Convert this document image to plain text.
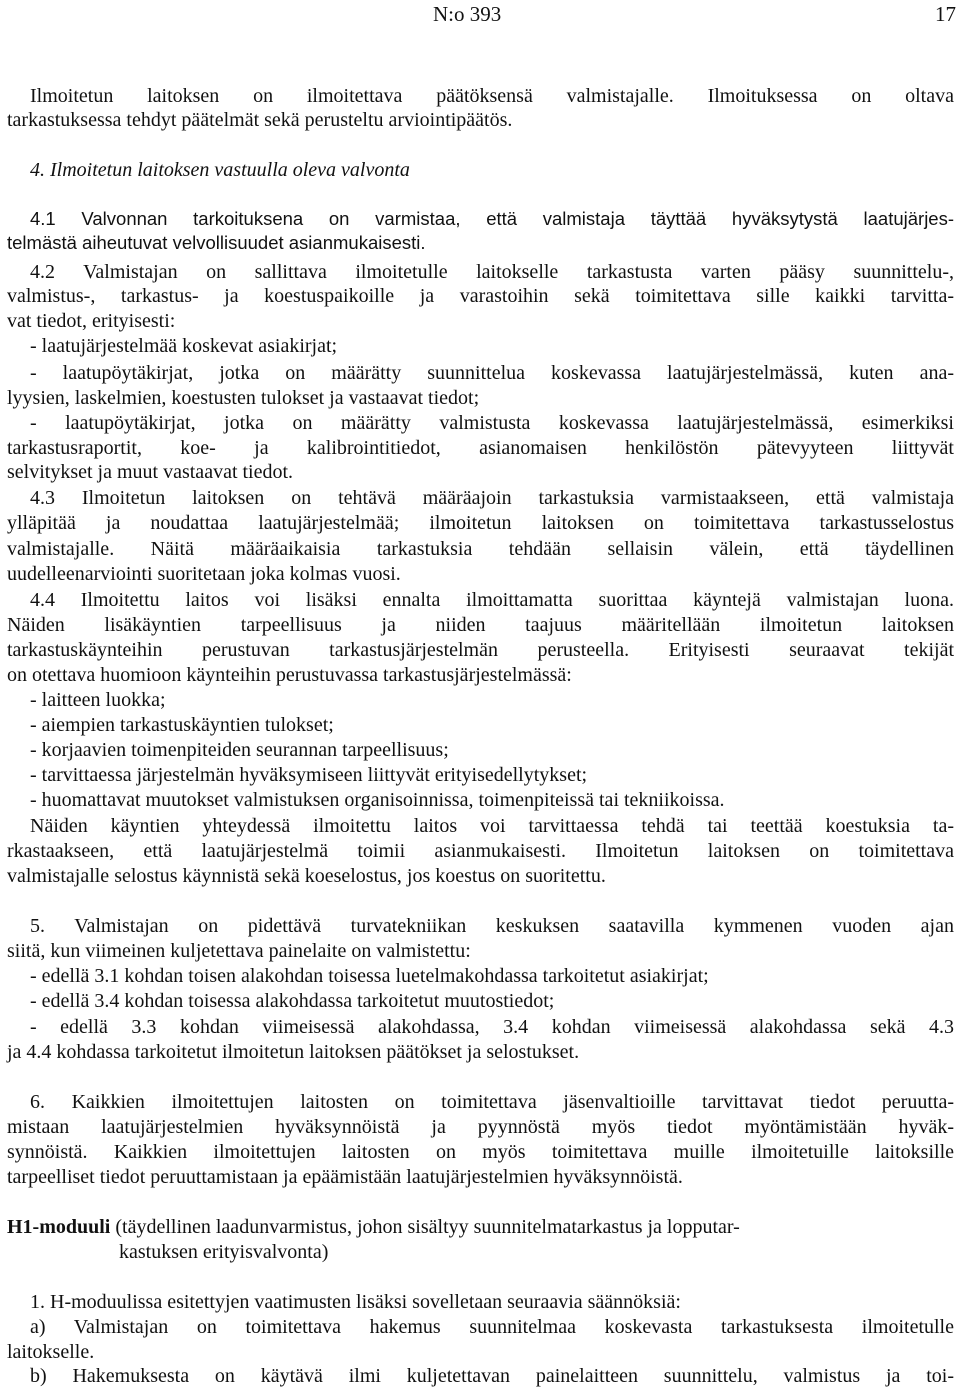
N:o 393	17
Ilmoitetun laitoksen on ilmoitettava päätöksensä valmistajalle. Ilmoituksessa on oltava
tarkastuksessa tehdyt päätelmät sekä perusteltu arviointipäätös.
4. Ilmoitetun laitoksen vastuulla oleva valvonta
4.1 Valvonnan tarkoituksena on varmistaa, että valmistaja täyttää hyväksytystä laatujärjes-
telmästä aiheutuvat velvollisuudet asianmukaisesti.
4.2 Valmistajan on sallittava ilmoitetulle laitokselle tarkastusta varten pääsy suunnittelu-,
valmistus-, tarkastus- ja koestuspaikoille ja varastoihin sekä toimitettava sille kaikki tarvitta-
vat tiedot, erityisesti:
- laatujärjestelmää koskevat asiakirjat;
- laatupöytäkirjat, jotka on määrätty suunnittelua koskevassa laatujärjestelmässä, kuten ana-
lyysien, laskelmien, koestusten tulokset ja vastaavat tiedot;
- laatupöytäkirjat, jotka on määrätty valmistusta koskevassa laatujärjestelmässä, esimerkiksi
tarkastusraportit, koe- ja kalibrointitiedot, asianomaisen henkilöstön pätevyyteen liittyvät
selvitykset ja muut vastaavat tiedot.
4.3 Ilmoitetun laitoksen on tehtävä määräajoin tarkastuksia varmistaakseen, että valmistaja
ylläpitää ja noudattaa laatujärjestelmää; ilmoitetun laitoksen on toimitettava tarkastusselostus
valmistajalle. Näitä määräaikaisia tarkastuksia tehdään sellaisin välein, että täydellinen
uudelleenarviointi suoritetaan joka kolmas vuosi.
4.4 Ilmoitettu laitos voi lisäksi ennalta ilmoittamatta suorittaa käyntejä valmistajan luona.
Näiden lisäkäyntien tarpeellisuus ja niiden taajuus määritellään ilmoitetun laitoksen
tarkastuskäynteihin perustuvan tarkastusjärjestelmän perusteella. Erityisesti seuraavat tekijät
on otettava huomioon käynteihin perustuvassa tarkastusjärjestelmässä:
- laitteen luokka;
- aiempien tarkastuskäyntien tulokset;
- korjaavien toimenpiteiden seurannan tarpeellisuus;
- tarvittaessa järjestelmän hyväksymiseen liittyvät erityisedellytykset;
- huomattavat muutokset valmistuksen organisoinnissa, toimenpiteissä tai tekniikoissa.
Näiden käyntien yhteydessä ilmoitettu laitos voi tarvittaessa tehdä tai teettää koestuksia ta-
rkastaakseen, että laatujärjestelmä toimii asianmukaisesti. Ilmoitetun laitoksen on toimitettava
valmistajalle selostus käynnistä sekä koeselostus, jos koestus on suoritettu.
5. Valmistajan on pidettävä turvatekniikan keskuksen saatavilla kymmenen vuoden ajan
siitä, kun viimeinen kuljetettava painelaite on valmistettu:
- edellä 3.1 kohdan toisen alakohdan toisessa luetelmakohdassa tarkoitetut asiakirjat;
- edellä 3.4 kohdan toisessa alakohdassa tarkoitetut muutostiedot;
- edellä 3.3 kohdan viimeisessä alakohdassa, 3.4 kohdan viimeisessä alakohdassa sekä 4.3
ja 4.4 kohdassa tarkoitetut ilmoitetun laitoksen päätökset ja selostukset.
6. Kaikkien ilmoitettujen laitosten on toimitettava jäsenvaltioille tarvittavat tiedot peruutta-
mistaan laatujärjestelmien hyväksynnöistä ja pyynnöstä myös tiedot myöntämistään hyväk-
synnöistä. Kaikkien ilmoitettujen laitosten on myös toimitettava muille ilmoitetuille laitoksille
tarpeelliset tiedot peruuttamistaan ja epäämistään laatujärjestelmien hyväksynnöistä.
H1-moduuli (täydellinen laadunvarmistus, johon sisältyy suunnitelmatarkastus ja lopputar-
kastuksen erityisvalvonta)
1. H-moduulissa esitettyjen vaatimusten lisäksi sovelletaan seuraavia säännöksiä:
a) Valmistajan on toimitettava hakemus suunnitelmaa koskevasta tarkastuksesta ilmoitetulle
laitokselle.
b) Hakemuksesta on käytävä ilmi kuljetettavan painelaitteen suunnittelu, valmistus ja toi-
